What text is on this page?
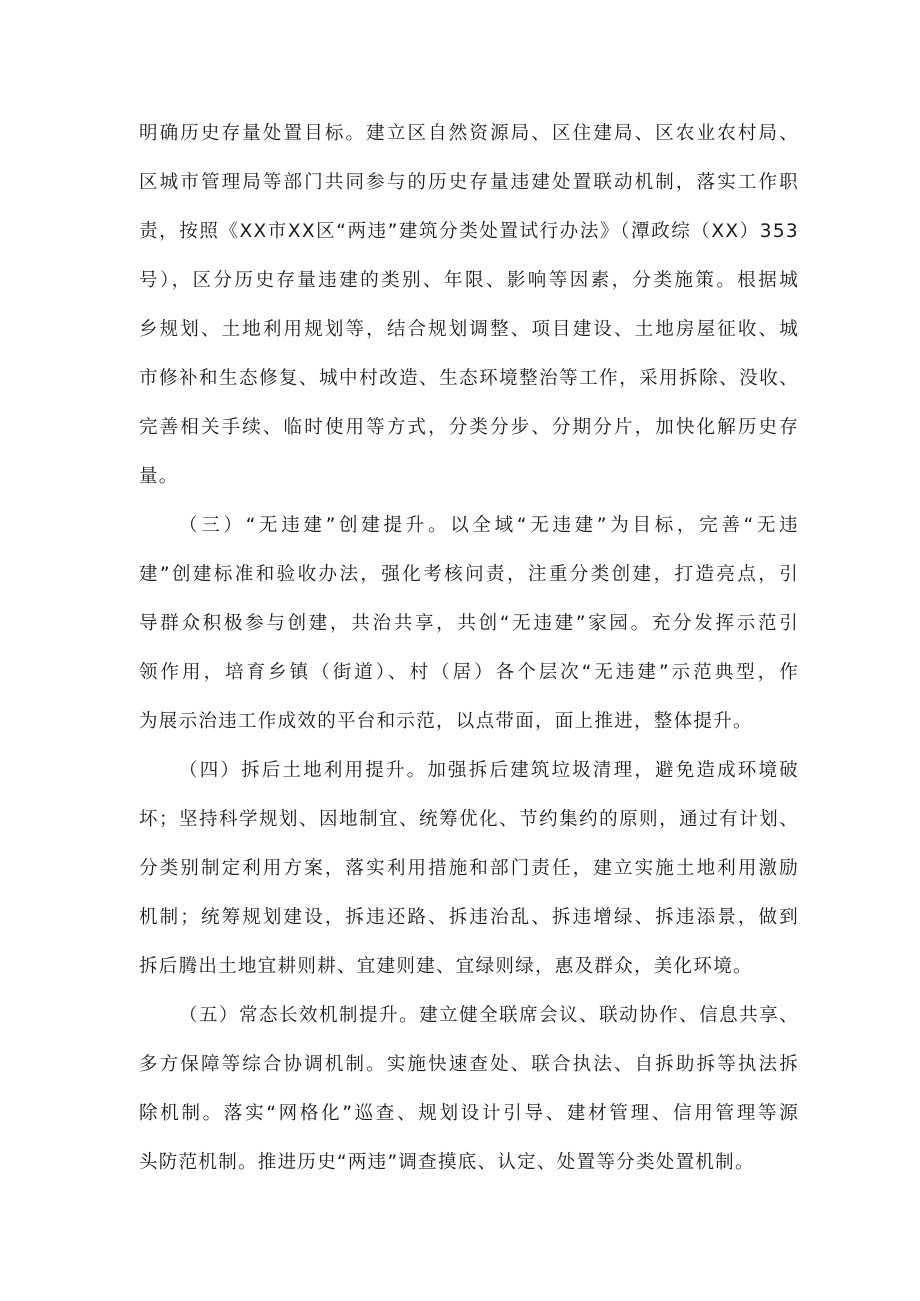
明确历史存量处置目标。建立区自然资源局、区住建局、区农业农村局、
区城市管理局等部门共同参与的历史存量违建处置联动机制，落实工作职
责，按照《XX市XX区“两违”建筑分类处置试行办法》（潭政综（XX）353
号），区分历史存量违建的类别、年限、影响等因素，分类施策。根据城
乡规划、土地利用规划等，结合规划调整、项目建设、土地房屋征收、城
市修补和生态修复、城中村改造、生态环境整治等工作，采用拆除、没收、
完善相关手续、临时使用等方式，分类分步、分期分片，加快化解历史存
量。
（三）“无违建”创建提升。以全域“无违建”为目标，完善“无违
建”创建标准和验收办法，强化考核问责，注重分类创建，打造亮点，引
导群众积极参与创建，共治共享，共创“无违建”家园。充分发挥示范引
领作用，培育乡镇（街道）、村（居）各个层次“无违建”示范典型，作
为展示治违工作成效的平台和示范，以点带面，面上推进，整体提升。
（四）拆后土地利用提升。加强拆后建筑垃圾清理，避免造成环境破
坏；坚持科学规划、因地制宜、统筹优化、节约集约的原则，通过有计划、
分类别制定利用方案，落实利用措施和部门责任，建立实施土地利用激励
机制；统筹规划建设，拆违还路、拆违治乱、拆违增绿、拆违添景，做到
拆后腾出土地宜耕则耕、宜建则建、宜绿则绿，惠及群众，美化环境。
（五）常态长效机制提升。建立健全联席会议、联动协作、信息共享、
多方保障等综合协调机制。实施快速查处、联合执法、自拆助拆等执法拆
除机制。落实“网格化”巡查、规划设计引导、建材管理、信用管理等源
头防范机制。推进历史“两违”调查摸底、认定、处置等分类处置机制。
